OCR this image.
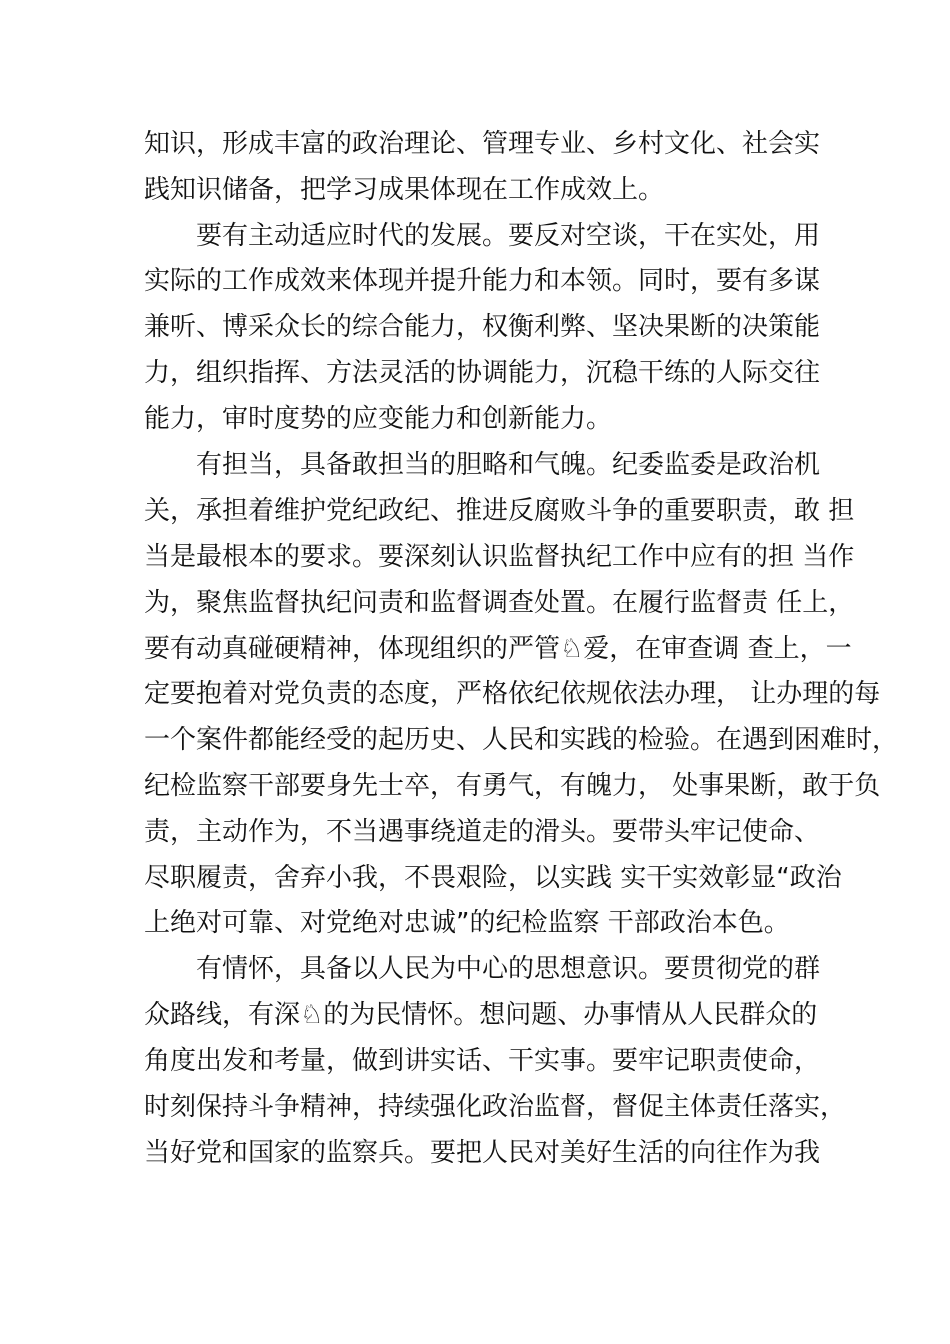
知识，形成丰富的政治理论、管理专业、乡村文化、社会实

践知识储备，把学习成果体现在工作成效上。

要有主动适应时代的发展。要反对空谈，干在实处，用

实际的工作成效来体现并提升能力和本领。同时，要有多谋

兼听、博采众长的综合能力，权衡利弊、坚决果断的决策能

力，组织指挥、方法灵活的协调能力，沉稳干练的人际交往

能力，审时度势的应变能力和创新能力。

有担当，具备敢担当的胆略和气魄。纪委监委是政治机

关，承担着维护党纪政纪、推进反腐败斗争的重要职责，敢 担

当是最根本的要求。要深刻认识监督执纪工作中应有的担 当作

为，聚焦监督执纪问责和监督调查处置。在履行监督责 任上，

要有动真碰硬精神，体现组织的严管♘爱，在审查调 查上，一

定要抱着对党负责的态度，严格依纪依规依法办理， 让办理的每

一个案件都能经受的起历史、人民和实践的检验。在遇到困难时，

纪检监察干部要身先士卒，有勇气，有魄力， 处事果断，敢于负

责，主动作为，不当遇事绕道走的滑头。要带头牢记使命、

尽职履责，舍弃小我，不畏艰险，以实践 实干实效彰显“政治

上绝对可靠、对党绝对忠诚”的纪检监察 干部政治本色。

有情怀，具备以人民为中心的思想意识。要贯彻党的群

众路线，有深♘的为民情怀。想问题、办事情从人民群众的

角度出发和考量，做到讲实话、干实事。要牢记职责使命，

时刻保持斗争精神，持续强化政治监督，督促主体责任落实，

当好党和国家的监察兵。要把人民对美好生活的向往作为我
